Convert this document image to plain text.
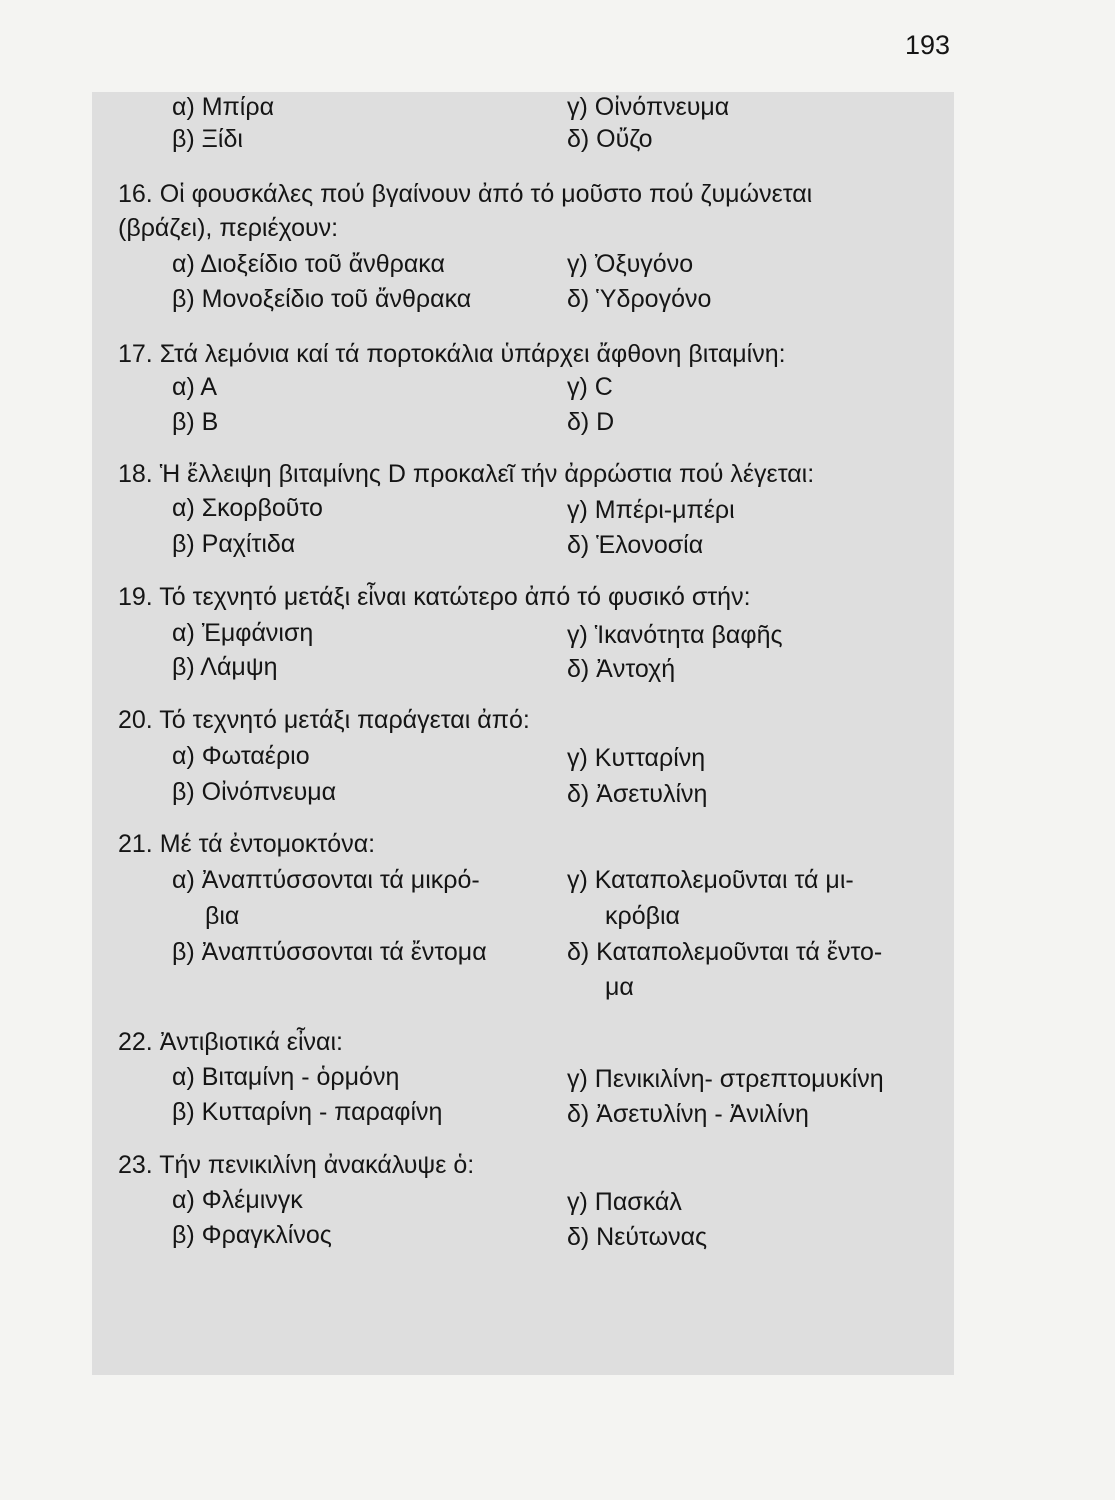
193
α) Μπίρα	γ) Οἰνόπνευμα
β) Ξίδι	δ) Οὔζο
16. Οἱ φουσκάλες πού βγαίνουν ἀπό τό μοῦστο πού ζυμώνεται
(βράζει), περιέχουν:
α) Διοξείδιο τοῦ ἄνθρακα	γ) Ὀξυγόνο
β) Μονοξείδιο τοῦ ἄνθρακα	δ) Ὑδρογόνο
17. Στά λεμόνια καί τά πορτοκάλια ὑπάρχει ἄφθονη βιταμίνη:
α) Α	γ) C
β) Β	δ) D
18. Ἡ ἔλλειψη βιταμίνης D προκαλεῖ τήν ἀρρώστια πού λέγεται:
α) Σκορβοῦτο	γ) Μπέρι-μπέρι
β) Ραχίτιδα	δ) Ἑλονοσία
19. Τό τεχνητό μετάξι εἶναι κατώτερο ἀπό τό φυσικό στήν:
α) Ἐμφάνιση	γ) Ἱκανότητα βαφῆς
β) Λάμψη	δ) Ἀντοχή
20. Τό τεχνητό μετάξι παράγεται ἀπό:
α) Φωταέριο	γ) Κυτταρίνη
β) Οἰνόπνευμα	δ) Ἀσετυλίνη
21. Μέ τά ἐντομοκτόνα:
α) Ἀναπτύσσονται τά μικρό-	γ) Καταπολεμοῦνται τά μι-
βια	κρόβια
β) Ἀναπτύσσονται τά ἔντομα	δ) Καταπολεμοῦνται τά ἔντο-
μα
22. Ἀντιβιοτικά εἶναι:
α) Βιταμίνη - ὁρμόνη	γ) Πενικιλίνη- στρεπτομυκίνη
β) Κυτταρίνη - παραφίνη	δ) Ἀσετυλίνη - Ἀνιλίνη
23. Τήν πενικιλίνη ἀνακάλυψε ὁ:
α) Φλέμινγκ	γ) Πασκάλ
β) Φραγκλίνος	δ) Νεύτωνας
